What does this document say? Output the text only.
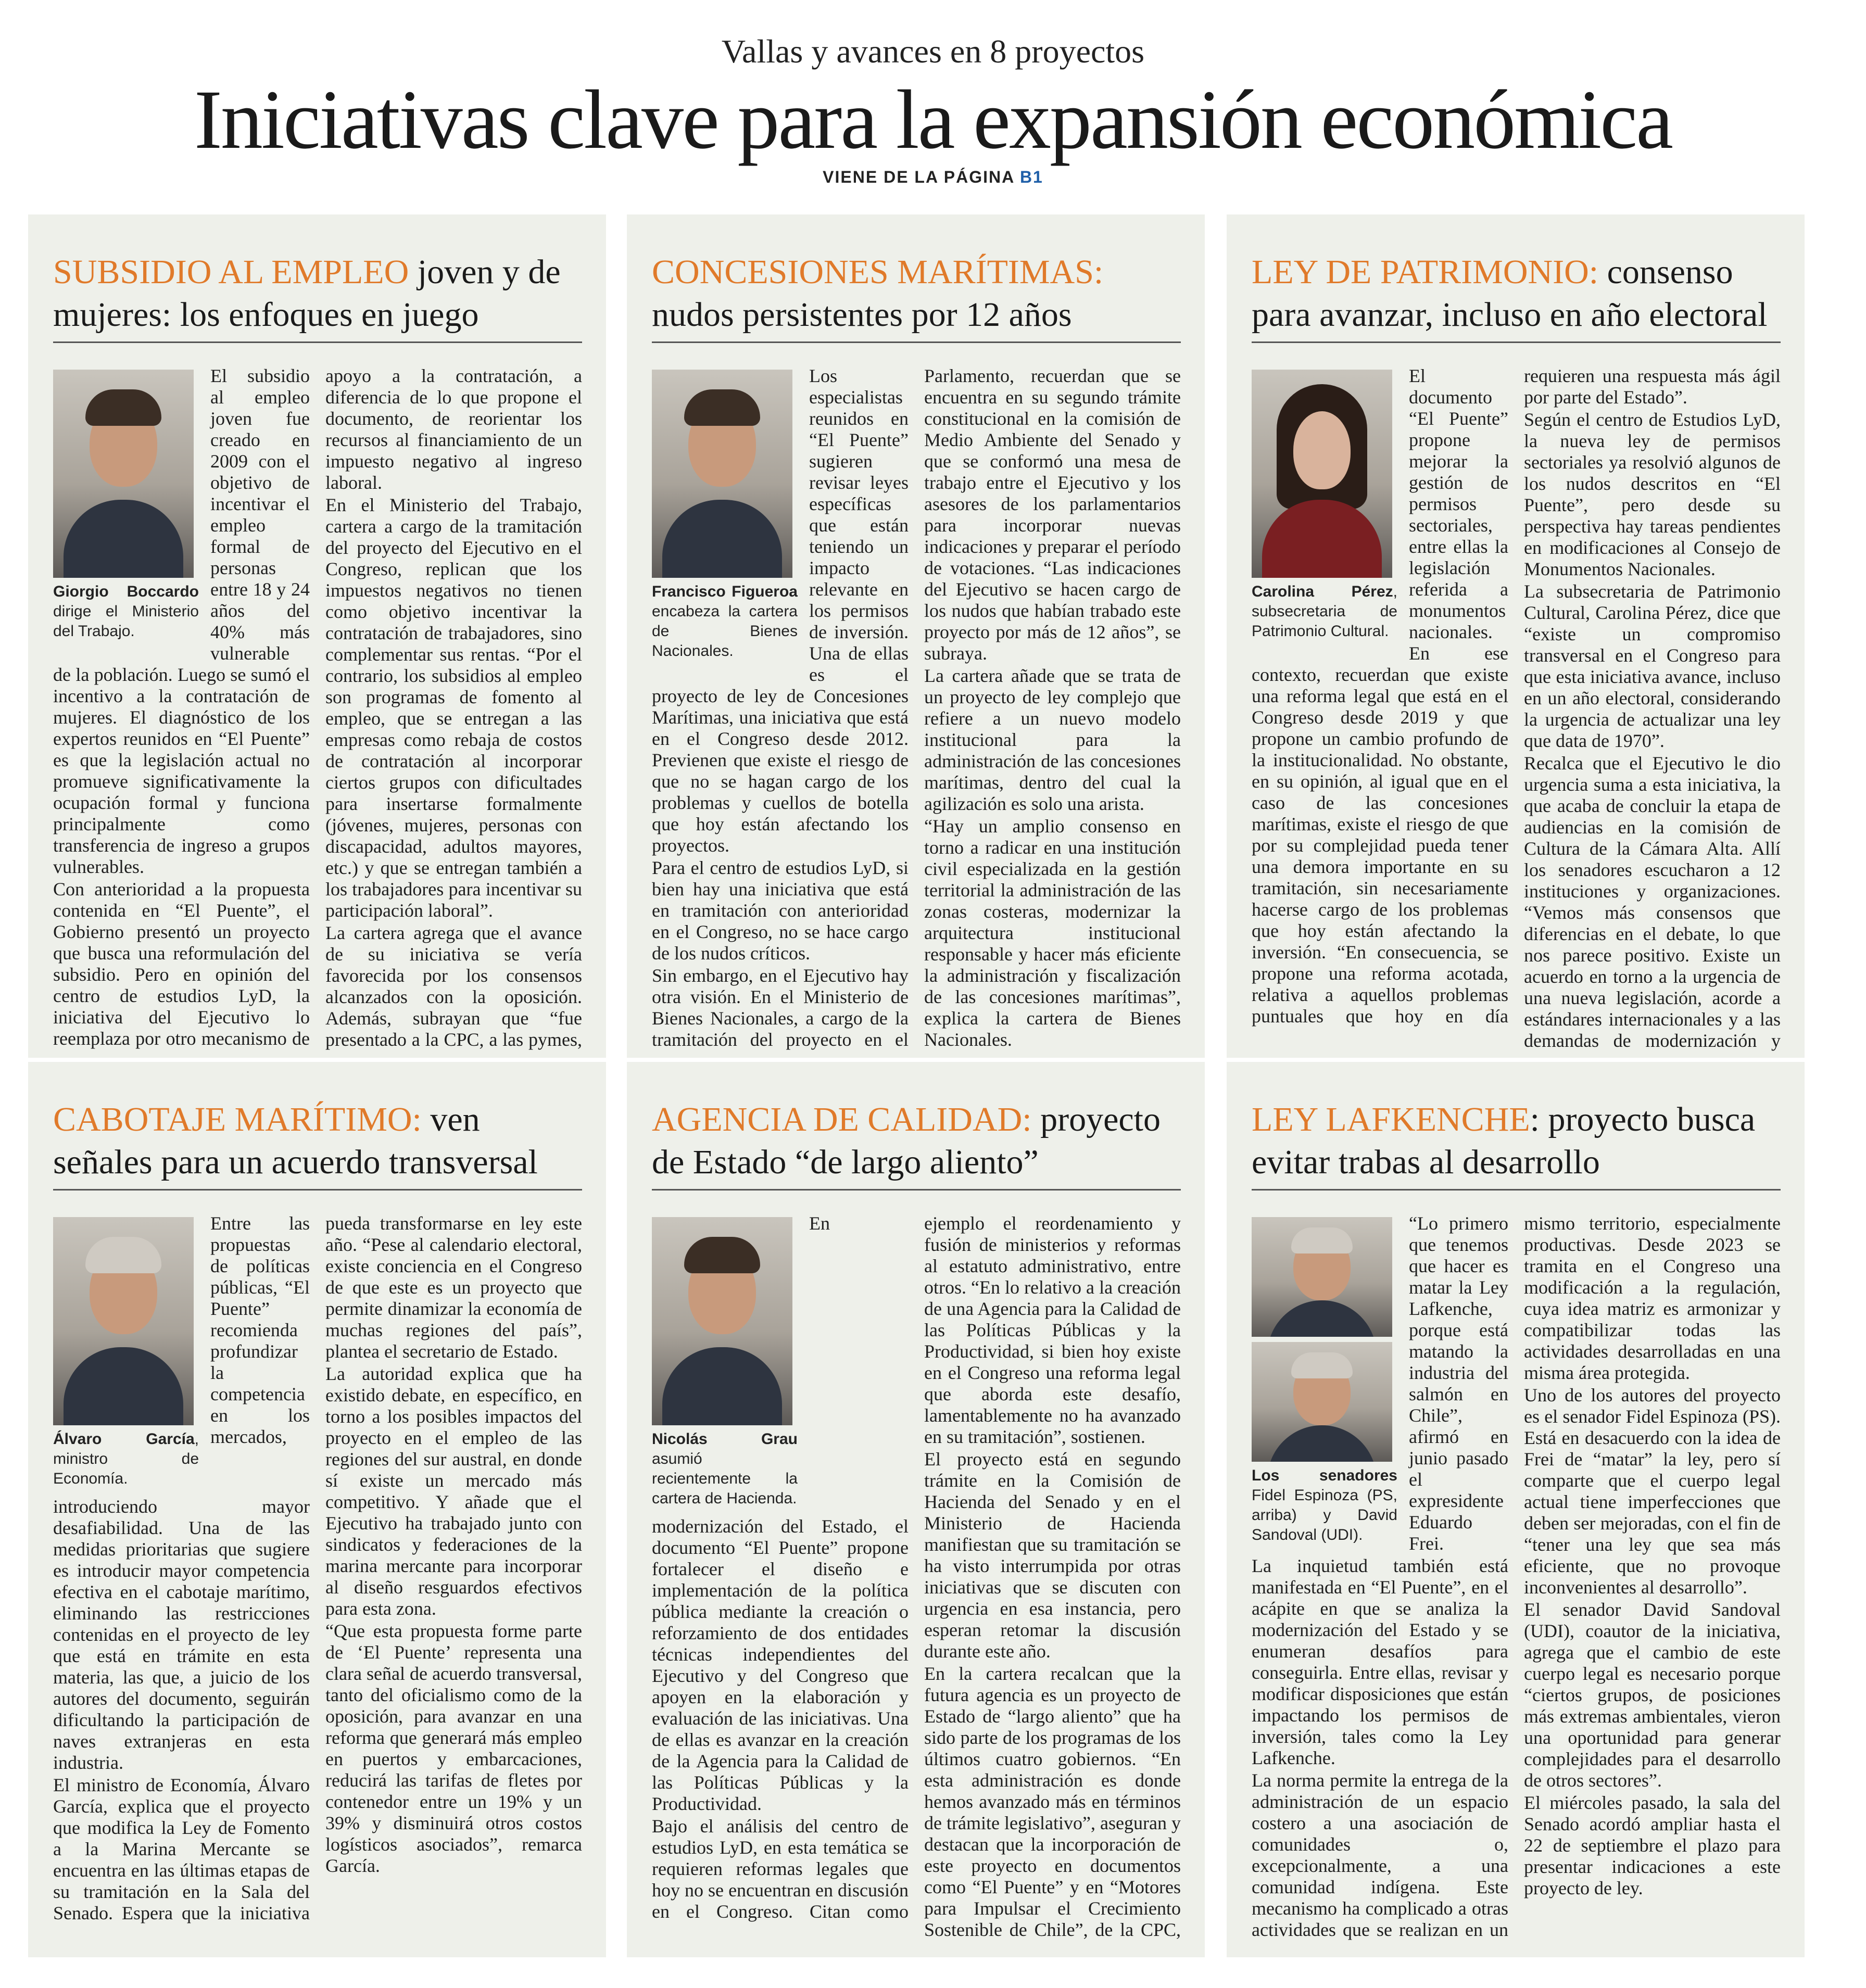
Vallas y avances en 8 proyectos
Iniciativas clave para la expansión económica
VIENE DE LA PÁGINA B1
SUBSIDIO AL EMPLEO joven y de mujeres: los enfoques en juego
Giorgio Boccardo dirige el Ministerio del Trabajo.

El subsidio al empleo joven fue creado en 2009 con el objetivo de incentivar el empleo formal de personas entre 18 y 24 años del 40% más vulnerable de la población. Luego se sumó el incentivo a la contratación de mujeres. El diagnóstico de los expertos reunidos en “El Puente” es que la legislación actual no promueve significativamente la ocupación formal y funciona principalmente como transferencia de ingreso a grupos vulnerables.

Con anterioridad a la propuesta contenida en “El Puente”, el Gobierno presentó un proyecto que busca una reformulación del subsidio. Pero en opinión del centro de estudios LyD, la iniciativa del Ejecutivo lo reemplaza por otro mecanismo de apoyo a la contratación, a diferencia de lo que propone el documento, de reorientar los recursos al financiamiento de un impuesto negativo al ingreso laboral.

En el Ministerio del Trabajo, cartera a cargo de la tramitación del proyecto del Ejecutivo en el Congreso, replican que los impuestos negativos no tienen como objetivo incentivar la contratación de trabajadores, sino complementar sus rentas. “Por el contrario, los subsidios al empleo son programas de fomento al empleo, que se entregan a las empresas como rebaja de costos de contratación al incorporar ciertos grupos con dificultades para insertarse formalmente (jóvenes, mujeres, personas con discapacidad, adultos mayores, etc.) y que se entregan también a los trabajadores para incentivar su participación laboral”.

La cartera agrega que el avance de su iniciativa se vería favorecida por los consensos alcanzados con la oposición. Además, subrayan que “fue presentado a la CPC, a las pymes,

CONCESIONES MARÍTIMAS: nudos persistentes por 12 años
Francisco Figueroa encabeza la cartera de Bienes Nacionales.

Los especialistas reunidos en “El Puente” sugieren revisar leyes específicas que están teniendo un impacto relevante en los permisos de inversión. Una de ellas es el proyecto de ley de Concesiones Marítimas, una iniciativa que está en el Congreso desde 2012. Previenen que existe el riesgo de que no se hagan cargo de los problemas y cuellos de botella que hoy están afectando los proyectos.

Para el centro de estudios LyD, si bien hay una iniciativa que está en tramitación con anterioridad en el Congreso, no se hace cargo de los nudos críticos.

Sin embargo, en el Ejecutivo hay otra visión. En el Ministerio de Bienes Nacionales, a cargo de la tramitación del proyecto en el Parlamento, recuerdan que se encuentra en su segundo trámite constitucional en la comisión de Medio Ambiente del Senado y que se conformó una mesa de trabajo entre el Ejecutivo y los asesores de los parlamentarios para incorporar nuevas indicaciones y preparar el período de votaciones. “Las indicaciones del Ejecutivo se hacen cargo de los nudos que habían trabado este proyecto por más de 12 años”, se subraya.

La cartera añade que se trata de un proyecto de ley complejo que refiere a un nuevo modelo institucional para la administración de las concesiones marítimas, dentro del cual la agilización es solo una arista.

“Hay un amplio consenso en torno a radicar en una institución civil especializada en la gestión territorial la administración de las zonas costeras, modernizar la arquitectura institucional responsable y hacer más eficiente la administración y fiscalización de las concesiones marítimas”, explica la cartera de Bienes Nacionales.

LEY DE PATRIMONIO: consenso para avanzar, incluso en año electoral
Carolina Pérez, subsecretaria de Patrimonio Cultural.

El documento “El Puente” propone mejorar la gestión de permisos sectoriales, entre ellas la legislación referida a monumentos nacionales. En ese contexto, recuerdan que existe una reforma legal que está en el Congreso desde 2019 y que propone un cambio profundo de la institucionalidad. No obstante, en su opinión, al igual que en el caso de las concesiones marítimas, existe el riesgo de que por su complejidad pueda tener una demora importante en su tramitación, sin necesariamente hacerse cargo de los problemas que hoy están afectando la inversión. “En consecuencia, se propone una reforma acotada, relativa a aquellos problemas puntuales que hoy en día requieren una respuesta más ágil por parte del Estado”.

Según el centro de Estudios LyD, la nueva ley de permisos sectoriales ya resolvió algunos de los nudos descritos en “El Puente”, pero desde su perspectiva hay tareas pendientes en modificaciones al Consejo de Monumentos Nacionales.

La subsecretaria de Patrimonio Cultural, Carolina Pérez, dice que “existe un compromiso transversal en el Congreso para que esta iniciativa avance, incluso en un año electoral, considerando la urgencia de actualizar una ley que data de 1970”.

Recalca que el Ejecutivo le dio urgencia suma a esta iniciativa, la que acaba de concluir la etapa de audiencias en la comisión de Cultura de la Cámara Alta. Allí los senadores escucharon a 12 instituciones y organizaciones. “Vemos más consensos que diferencias en el debate, lo que nos parece positivo. Existe un acuerdo en torno a la urgencia de una nueva legislación, acorde a estándares internacionales y a las demandas de modernización y

CABOTAJE MARÍTIMO: ven señales para un acuerdo transversal
Álvaro García, ministro de Economía.

Entre las propuestas de políticas públicas, “El Puente” recomienda profundizar la competencia en los mercados, introduciendo mayor desafiabilidad. Una de las medidas prioritarias que sugiere es introducir mayor competencia efectiva en el cabotaje marítimo, eliminando las restricciones contenidas en el proyecto de ley que está en trámite en esta materia, las que, a juicio de los autores del documento, seguirán dificultando la participación de naves extranjeras en esta industria.

El ministro de Economía, Álvaro García, explica que el proyecto que modifica la Ley de Fomento a la Marina Mercante se encuentra en las últimas etapas de su tramitación en la Sala del Senado. Espera que la iniciativa pueda transformarse en ley este año. “Pese al calendario electoral, existe conciencia en el Congreso de que este es un proyecto que permite dinamizar la economía de muchas regiones del país”, plantea el secretario de Estado.

La autoridad explica que ha existido debate, en específico, en torno a los posibles impactos del proyecto en el empleo de las regiones del sur austral, en donde sí existe un mercado más competitivo. Y añade que el Ejecutivo ha trabajado junto con sindicatos y federaciones de la marina mercante para incorporar al diseño resguardos efectivos para esta zona.

“Que esta propuesta forme parte de ‘El Puente’ representa una clara señal de acuerdo transversal, tanto del oficialismo como de la oposición, para avanzar en una reforma que generará más empleo en puertos y embarcaciones, reducirá las tarifas de fletes por contenedor entre un 19% y un 39% y disminuirá otros costos logísticos asociados”, remarca García.

AGENCIA DE CALIDAD: proyecto de Estado “de largo aliento”
Nicolás Grau asumió recientemente la cartera de Hacienda.

En modernización del Estado, el documento “El Puente” propone fortalecer el diseño e implementación de la política pública mediante la creación o reforzamiento de dos entidades técnicas independientes del Ejecutivo y del Congreso que apoyen en la elaboración y evaluación de las iniciativas. Una de ellas es avanzar en la creación de la Agencia para la Calidad de las Políticas Públicas y la Productividad.

Bajo el análisis del centro de estudios LyD, en esta temática se requieren reformas legales que hoy no se encuentran en discusión en el Congreso. Citan como ejemplo el reordenamiento y fusión de ministerios y reformas al estatuto administrativo, entre otros. “En lo relativo a la creación de una Agencia para la Calidad de las Políticas Públicas y la Productividad, si bien hoy existe en el Congreso una reforma legal que aborda este desafío, lamentablemente no ha avanzado en su tramitación”, sostienen.

El proyecto está en segundo trámite en la Comisión de Hacienda del Senado y en el Ministerio de Hacienda manifiestan que su tramitación se ha visto interrumpida por otras iniciativas que se discuten con urgencia en esa instancia, pero esperan retomar la discusión durante este año.

En la cartera recalcan que la futura agencia es un proyecto de Estado de “largo aliento” que ha sido parte de los programas de los últimos cuatro gobiernos. “En esta administración es donde hemos avanzado más en términos de trámite legislativo”, aseguran y destacan que la incorporación de este proyecto en documentos como “El Puente” y en “Motores para Impulsar el Crecimiento Sostenible de Chile”, de la CPC,

LEY LAFKENCHE: proyecto busca evitar trabas al desarrollo
Los senadores Fidel Espinoza (PS, arriba) y David Sandoval (UDI).

“Lo primero que tenemos que hacer es matar la Ley Lafkenche, porque está matando la industria del salmón en Chile”, afirmó en junio pasado el expresidente Eduardo Frei.

La inquietud también está manifestada en “El Puente”, en el acápite en que se analiza la modernización del Estado y se enumeran desafíos para conseguirla. Entre ellas, revisar y modificar disposiciones que están impactando los permisos de inversión, tales como la Ley Lafkenche.

La norma permite la entrega de la administración de un espacio costero a una asociación de comunidades o, excepcionalmente, a una comunidad indígena. Este mecanismo ha complicado a otras actividades que se realizan en un mismo territorio, especialmente productivas. Desde 2023 se tramita en el Congreso una modificación a la regulación, cuya idea matriz es armonizar y compatibilizar todas las actividades desarrolladas en una misma área protegida.

Uno de los autores del proyecto es el senador Fidel Espinoza (PS). Está en desacuerdo con la idea de Frei de “matar” la ley, pero sí comparte que el cuerpo legal actual tiene imperfecciones que deben ser mejoradas, con el fin de “tener una ley que sea más eficiente, que no provoque inconvenientes al desarrollo”.

El senador David Sandoval (UDI), coautor de la iniciativa, agrega que el cambio de este cuerpo legal es necesario porque “ciertos grupos, de posiciones más extremas ambientales, vieron una oportunidad para generar complejidades para el desarrollo de otros sectores”.

El miércoles pasado, la sala del Senado acordó ampliar hasta el 22 de septiembre el plazo para presentar indicaciones a este proyecto de ley.
